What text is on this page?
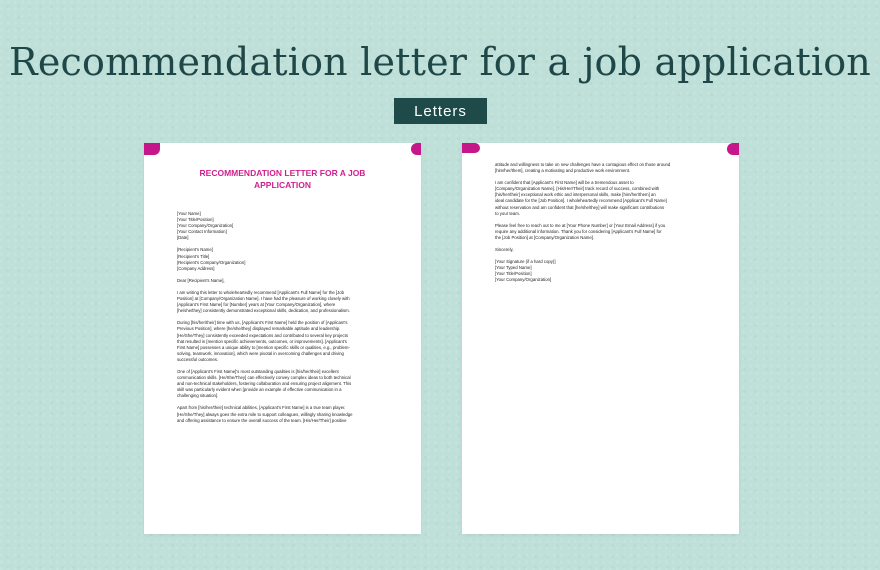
Recommendation letter for a job application
Letters
RECOMMENDATION LETTER FOR A JOB APPLICATION
[Your Name]
[Your Title/Position]
[Your Company/Organization]
[Your Contact Information]
[Date]
[Recipient's Name]
[Recipient's Title]
[Recipient's Company/Organization]
[Company Address]
Dear [Recipient's Name],
I am writing this letter to wholeheartedly recommend [Applicant's Full Name] for the [Job
Position] at [Company/Organization Name]. I have had the pleasure of working closely with
[Applicant's First Name] for [Number] years at [Your Company/Organization], where
[he/she/they] consistently demonstrated exceptional skills, dedication, and professionalism.
During [his/her/their] time with us, [Applicant's First Name] held the position of [Applicant's
Previous Position], where [he/she/they] displayed remarkable aptitude and leadership.
[He/She/They] consistently exceeded expectations and contributed to several key projects
that resulted in [mention specific achievements, outcomes, or improvements]. [Applicant's
First Name] possesses a unique ability to [mention specific skills or qualities, e.g., problem-
solving, teamwork, innovation], which were pivotal in overcoming challenges and driving
successful outcomes.
One of [Applicant's First Name]'s most outstanding qualities is [his/her/their] excellent
communication skills. [He/She/They] can effectively convey complex ideas to both technical
and non-technical stakeholders, fostering collaboration and ensuring project alignment. This
skill was particularly evident when [provide an example of effective communication in a
challenging situation].
Apart from [his/her/their] technical abilities, [Applicant's First Name] is a true team player.
[He/She/They] always goes the extra mile to support colleagues, willingly sharing knowledge
and offering assistance to ensure the overall success of the team. [His/Her/Their] positive
attitude and willingness to take on new challenges have a contagious effect on those around
[him/her/them], creating a motivating and productive work environment.
I am confident that [Applicant's First Name] will be a tremendous asset to
[Company/Organization Name]. [His/Her/Their] track record of success, combined with
[his/her/their] exceptional work ethic and interpersonal skills, make [him/her/them] an
ideal candidate for the [Job Position]. I wholeheartedly recommend [Applicant's Full Name]
without reservation and am confident that [he/she/they] will make significant contributions
to your team.
Please feel free to reach out to me at [Your Phone Number] or [Your Email Address] if you
require any additional information. Thank you for considering [Applicant's Full Name] for
the [Job Position] at [Company/Organization Name].
Sincerely,
[Your Signature (if a hard copy)]
[Your Typed Name]
[Your Title/Position]
[Your Company/Organization]
